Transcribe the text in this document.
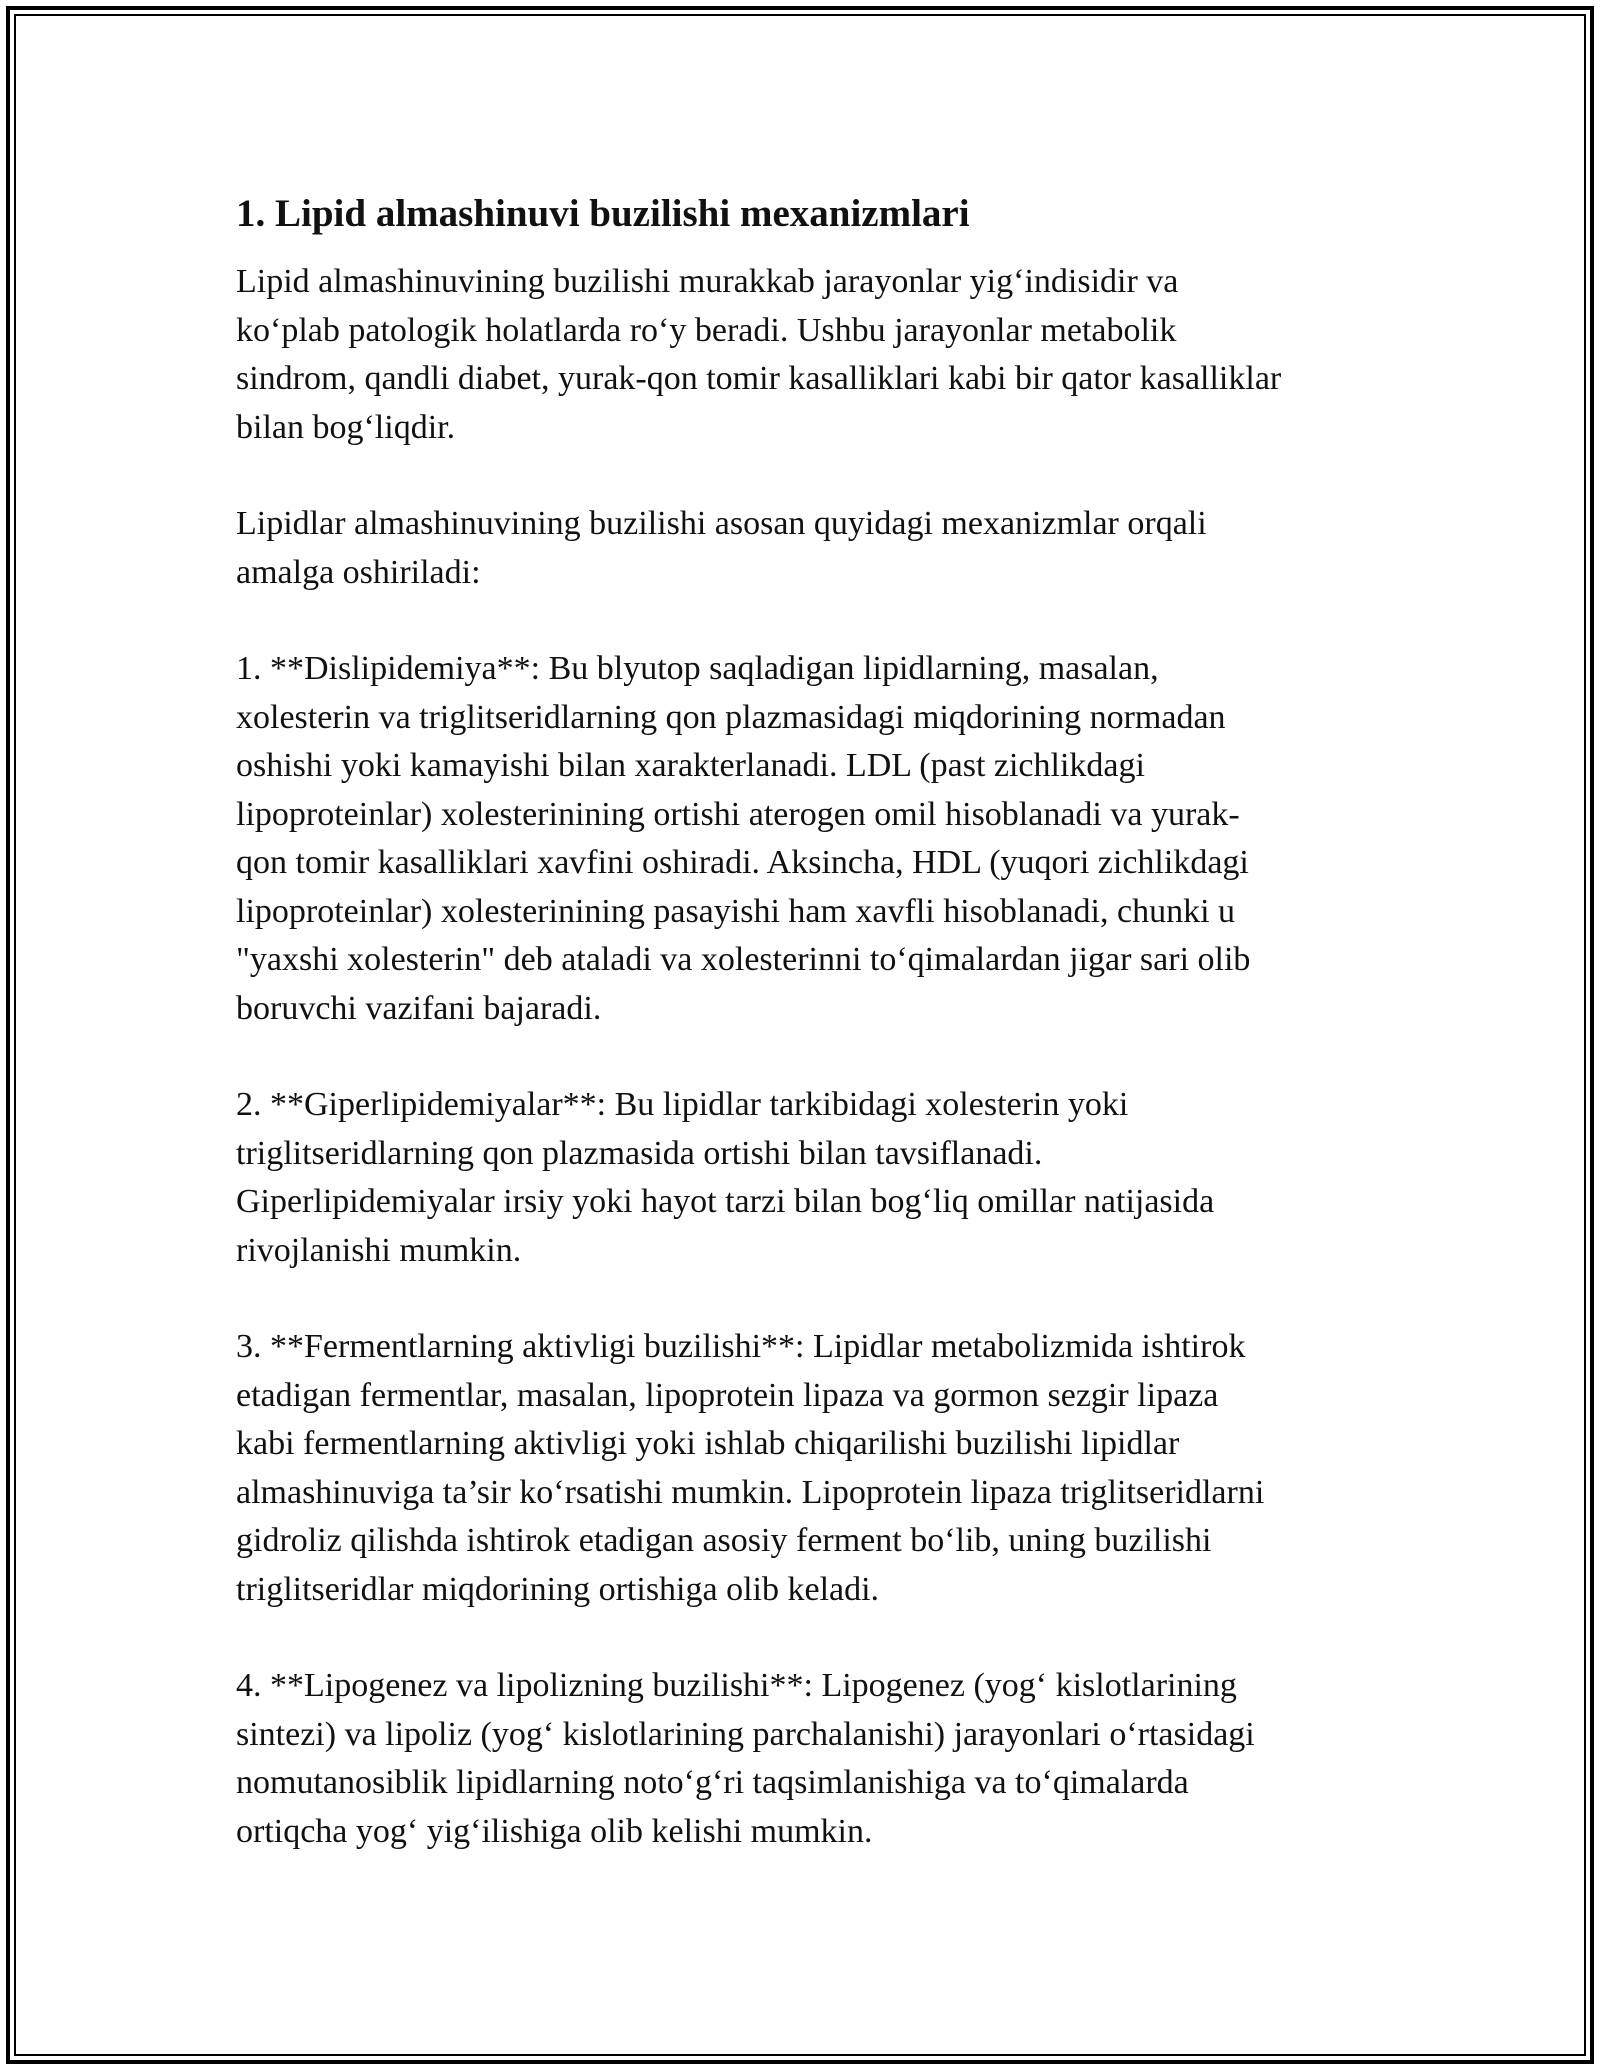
1. Lipid almashinuvi buzilishi mexanizmlari

Lipid almashinuvining buzilishi murakkab jarayonlar yig‘indisidir va
ko‘plab patologik holatlarda ro‘y beradi. Ushbu jarayonlar metabolik
sindrom, qandli diabet, yurak-qon tomir kasalliklari kabi bir qator kasalliklar
bilan bog‘liqdir.

Lipidlar almashinuvining buzilishi asosan quyidagi mexanizmlar orqali
amalga oshiriladi:

1. **Dislipidemiya**: Bu blyutop saqladigan lipidlarning, masalan,
xolesterin va triglitseridlarning qon plazmasidagi miqdorining normadan
oshishi yoki kamayishi bilan xarakterlanadi. LDL (past zichlikdagi
lipoproteinlar) xolesterinining ortishi aterogen omil hisoblanadi va yurak-
qon tomir kasalliklari xavfini oshiradi. Aksincha, HDL (yuqori zichlikdagi
lipoproteinlar) xolesterinining pasayishi ham xavfli hisoblanadi, chunki u
"yaxshi xolesterin" deb ataladi va xolesterinni to‘qimalardan jigar sari olib
boruvchi vazifani bajaradi.

2. **Giperlipidemiyalar**: Bu lipidlar tarkibidagi xolesterin yoki
triglitseridlarning qon plazmasida ortishi bilan tavsiflanadi.
Giperlipidemiyalar irsiy yoki hayot tarzi bilan bog‘liq omillar natijasida
rivojlanishi mumkin.

3. **Fermentlarning aktivligi buzilishi**: Lipidlar metabolizmida ishtirok
etadigan fermentlar, masalan, lipoprotein lipaza va gormon sezgir lipaza
kabi fermentlarning aktivligi yoki ishlab chiqarilishi buzilishi lipidlar
almashinuviga ta’sir ko‘rsatishi mumkin. Lipoprotein lipaza triglitseridlarni
gidroliz qilishda ishtirok etadigan asosiy ferment bo‘lib, uning buzilishi
triglitseridlar miqdorining ortishiga olib keladi.

4. **Lipogenez va lipolizning buzilishi**: Lipogenez (yog‘ kislotlarining
sintezi) va lipoliz (yog‘ kislotlarining parchalanishi) jarayonlari o‘rtasidagi
nomutanosiblik lipidlarning noto‘g‘ri taqsimlanishiga va to‘qimalarda
ortiqcha yog‘ yig‘ilishiga olib kelishi mumkin.
